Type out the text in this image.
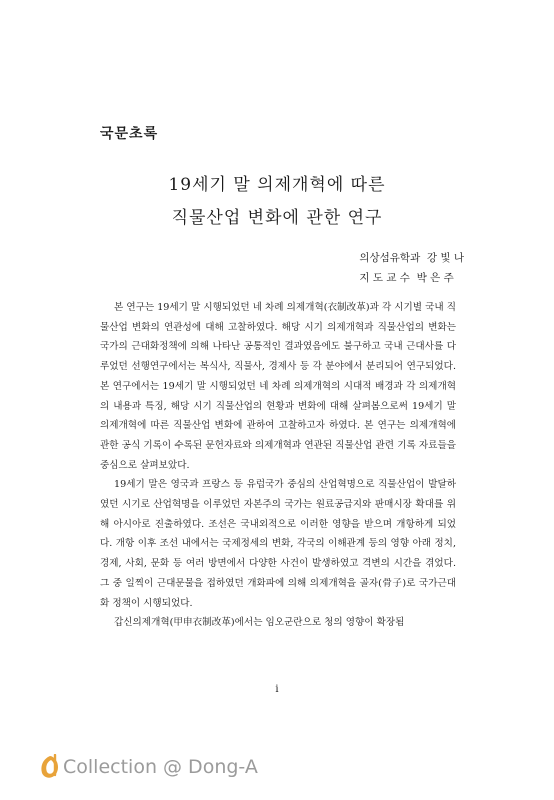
국문초록
19세기 말 의제개혁에 따른
직물산업 변화에 관한 연구
의상섬유학과  강 빛 나
지 도 교 수  박 은 주

본 연구는 19세기 말 시행되었던 네 차례 의제개혁(衣制改革)과 각 시기별 국내 직물산업 변화의 연관성에 대해 고찰하였다. 해당 시기 의제개혁과 직물산업의 변화는 국가의 근대화정책에 의해 나타난 공통적인 결과였음에도 불구하고 국내 근대사를 다루었던 선행연구에서는 복식사, 직물사, 경제사 등 각 분야에서 분리되어 연구되었다. 본 연구에서는 19세기 말 시행되었던 네 차례 의제개혁의 시대적 배경과 각 의제개혁의 내용과 특징, 해당 시기 직물산업의 현황과 변화에 대해 살펴봄으로써 19세기 말 의제개혁에 따른 직물산업 변화에 관하여 고찰하고자 하였다. 본 연구는 의제개혁에 관한 공식 기록이 수록된 문헌자료와 의제개혁과 연관된 직물산업 관련 기록 자료들을 중심으로 살펴보았다.

19세기 말은 영국과 프랑스 등 유럽국가 중심의 산업혁명으로 직물산업이 발달하였던 시기로 산업혁명을 이루었던 자본주의 국가는 원료공급지와 판매시장 확대를 위해 아시아로 진출하였다. 조선은 국내외적으로 이러한 영향을 받으며 개항하게 되었다. 개항 이후 조선 내에서는 국제정세의 변화, 각국의 이해관계 등의 영향 아래 정치, 경제, 사회, 문화 등 여러 방면에서 다양한 사건이 발생하였고 격변의 시간을 겪었다. 그 중 일찍이 근대문물을 접하였던 개화파에 의해 의제개혁을 골자(骨子)로 국가근대화 정책이 시행되었다.

갑신의제개혁(甲申衣制改革)에서는 임오군란으로 청의 영향이 확장됨

i
Collection @ Dong-A
